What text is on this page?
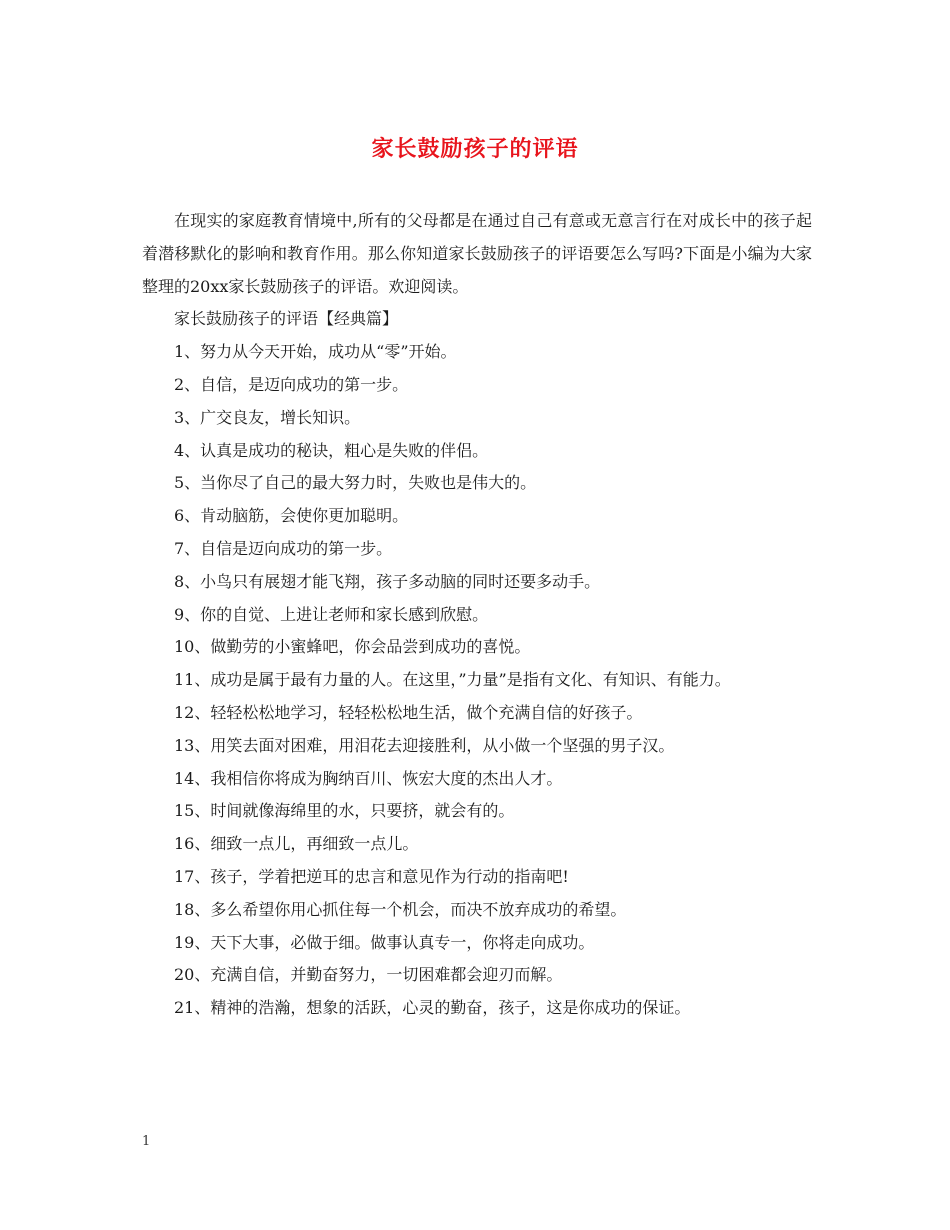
家长鼓励孩子的评语

在现实的家庭教育情境中,所有的父母都是在通过自己有意或无意言行在对成长中的孩子起着潜移默化的影响和教育作用。那么你知道家长鼓励孩子的评语要怎么写吗?下面是小编为大家整理的20xx家长鼓励孩子的评语。欢迎阅读。

家长鼓励孩子的评语【经典篇】

1、努力从今天开始，成功从“零”开始。

2、自信，是迈向成功的第一步。

3、广交良友，增长知识。

4、认真是成功的秘诀，粗心是失败的伴侣。

5、当你尽了自己的最大努力时，失败也是伟大的。

6、肯动脑筋，会使你更加聪明。

7、自信是迈向成功的第一步。

8、小鸟只有展翅才能飞翔，孩子多动脑的同时还要多动手。

9、你的自觉、上进让老师和家长感到欣慰。

10、做勤劳的小蜜蜂吧，你会品尝到成功的喜悦。

11、成功是属于最有力量的人。在这里，”力量”是指有文化、有知识、有能力。

12、轻轻松松地学习，轻轻松松地生活，做个充满自信的好孩子。

13、用笑去面对困难，用泪花去迎接胜利，从小做一个坚强的男子汉。

14、我相信你将成为胸纳百川、恢宏大度的杰出人才。

15、时间就像海绵里的水，只要挤，就会有的。

16、细致一点儿，再细致一点儿。

17、孩子，学着把逆耳的忠言和意见作为行动的指南吧!

18、多么希望你用心抓住每一个机会，而决不放弃成功的希望。

19、天下大事，必做于细。做事认真专一，你将走向成功。

20、充满自信，并勤奋努力，一切困难都会迎刃而解。

21、精神的浩瀚，想象的活跃，心灵的勤奋，孩子，这是你成功的保证。

1
